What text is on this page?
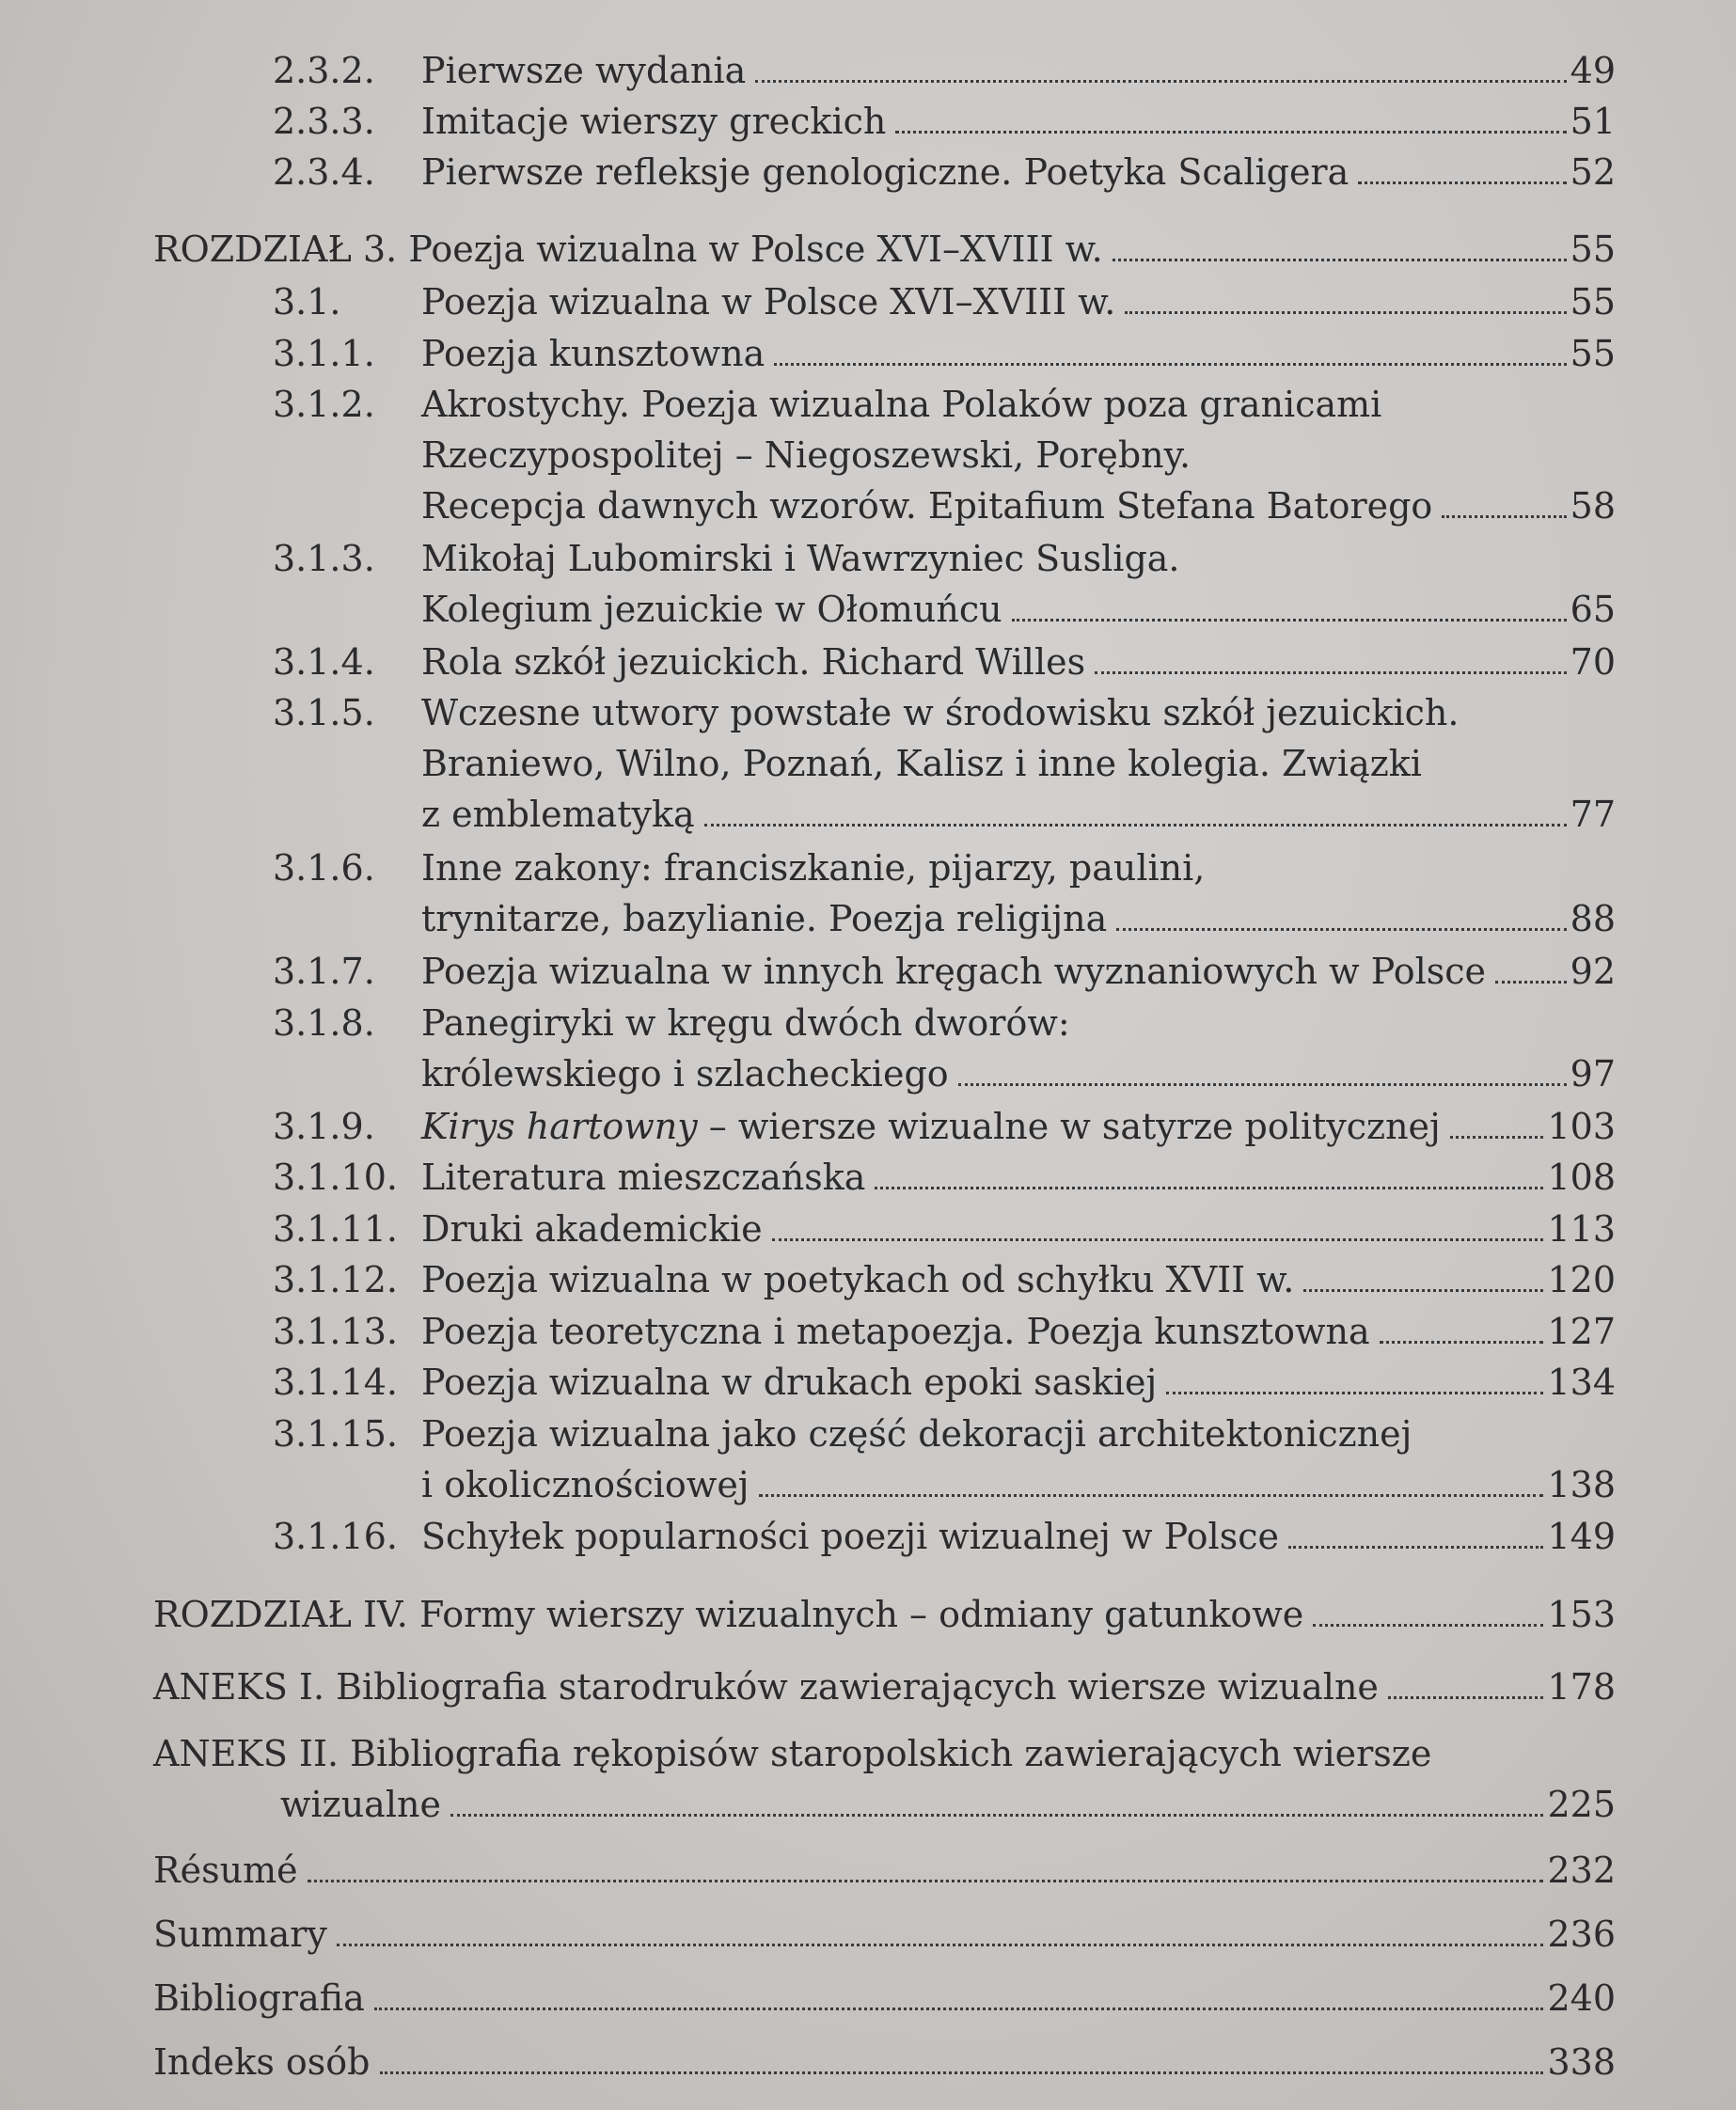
2.3.2.	Pierwsze wydania	49
2.3.3.	Imitacje wierszy greckich	51
2.3.4.	Pierwsze refleksje genologiczne. Poetyka Scaligera	52
ROZDZIAŁ 3. Poezja wizualna w Polsce XVI–XVIII w.	55
3.1.	Poezja wizualna w Polsce XVI–XVIII w.	55
3.1.1.	Poezja kunsztowna	55
3.1.2.	Akrostychy. Poezja wizualna Polaków poza granicami
Rzeczypospolitej – Niegoszewski, Porębny.
Recepcja dawnych wzorów. Epitafium Stefana Batorego	58
3.1.3.	Mikołaj Lubomirski i Wawrzyniec Susliga.
Kolegium jezuickie w Ołomuńcu	65
3.1.4.	Rola szkół jezuickich. Richard Willes	70
3.1.5.	Wczesne utwory powstałe w środowisku szkół jezuickich.
Braniewo, Wilno, Poznań, Kalisz i inne kolegia. Związki
z emblematyką	77
3.1.6.	Inne zakony: franciszkanie, pijarzy, paulini,
trynitarze, bazylianie. Poezja religijna	88
3.1.7.	Poezja wizualna w innych kręgach wyznaniowych w Polsce 92
3.1.8.	Panegiryki w kręgu dwóch dworów:
królewskiego i szlacheckiego	97
3.1.9.	Kirys hartowny – wiersze wizualne w satyrze politycznej	103
3.1.10. Literatura mieszczańska	108
3.1.11. Druki akademickie	113
3.1.12. Poezja wizualna w poetykach od schyłku XVII w.	120
3.1.13. Poezja teoretyczna i metapoezja. Poezja kunsztowna	127
3.1.14. Poezja wizualna w drukach epoki saskiej	134
3.1.15. Poezja wizualna jako część dekoracji architektonicznej
i okolicznościowej	138
3.1.16. Schyłek popularności poezji wizualnej w Polsce	149
ROZDZIAŁ IV. Formy wierszy wizualnych – odmiany gatunkowe	153
ANEKS I. Bibliografia starodruków zawierających wiersze wizualne	178
ANEKS II. Bibliografia rękopisów staropolskich zawierających wiersze
wizualne	225
Résumé	232
Summary	236
Bibliografia	240
Indeks osób	338
